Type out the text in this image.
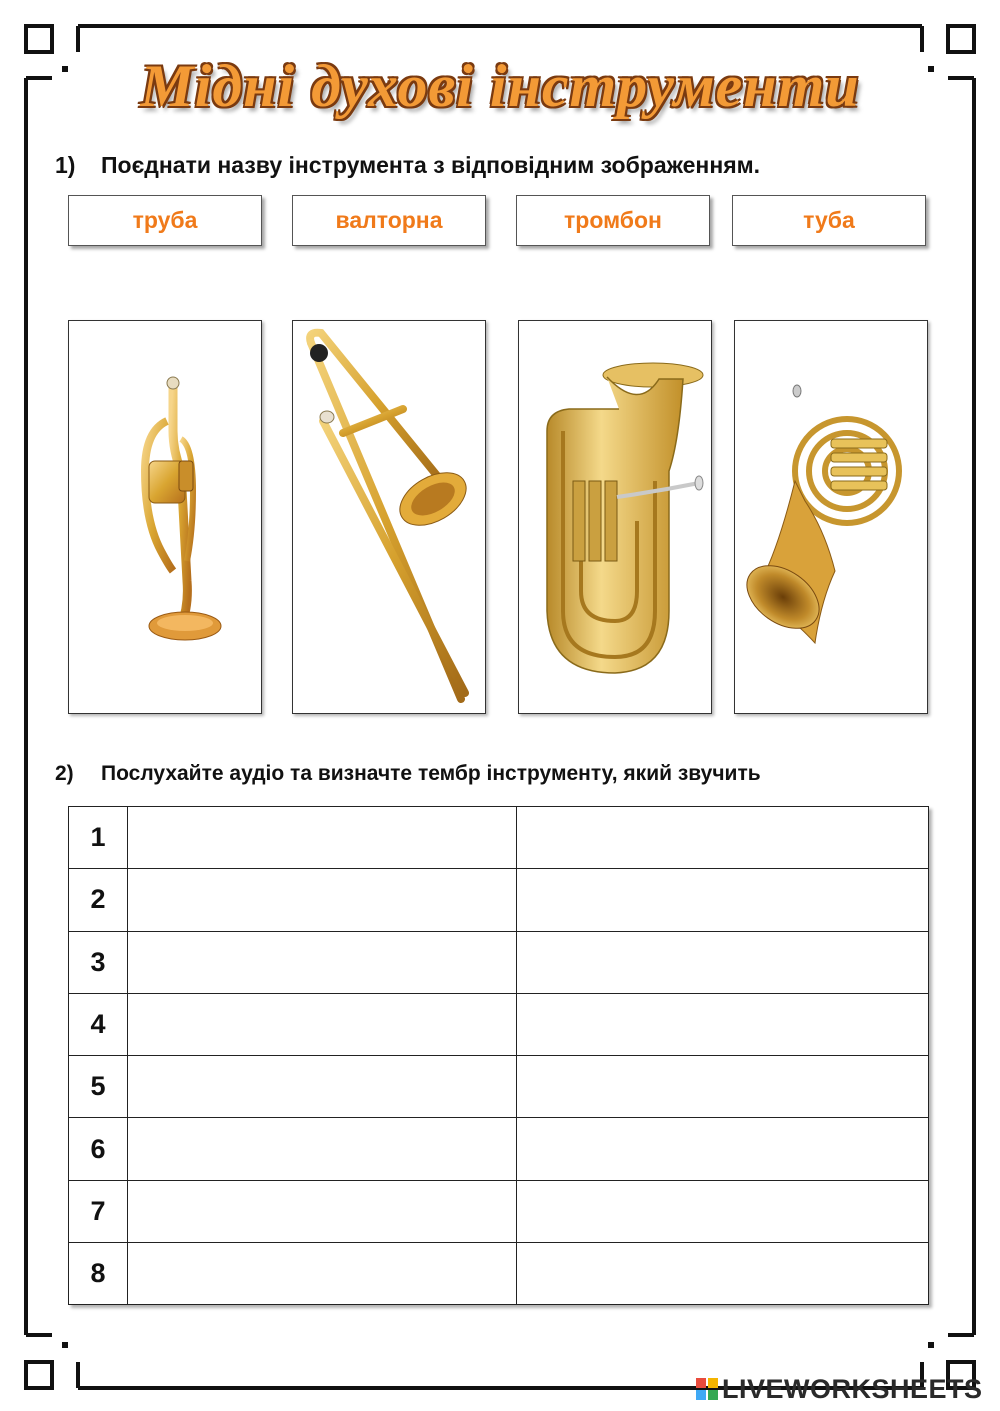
Мідні духові інструменти
1) Поєднати назву інструмента з відповідним зображенням.
труба	валторна	тромбон	туба
2) Послухайте аудіо та визначте тембр інструменту, який звучить
1		
2		
3		
4		
5		
6		
7		
8		
LIVEWORKSHEETS
